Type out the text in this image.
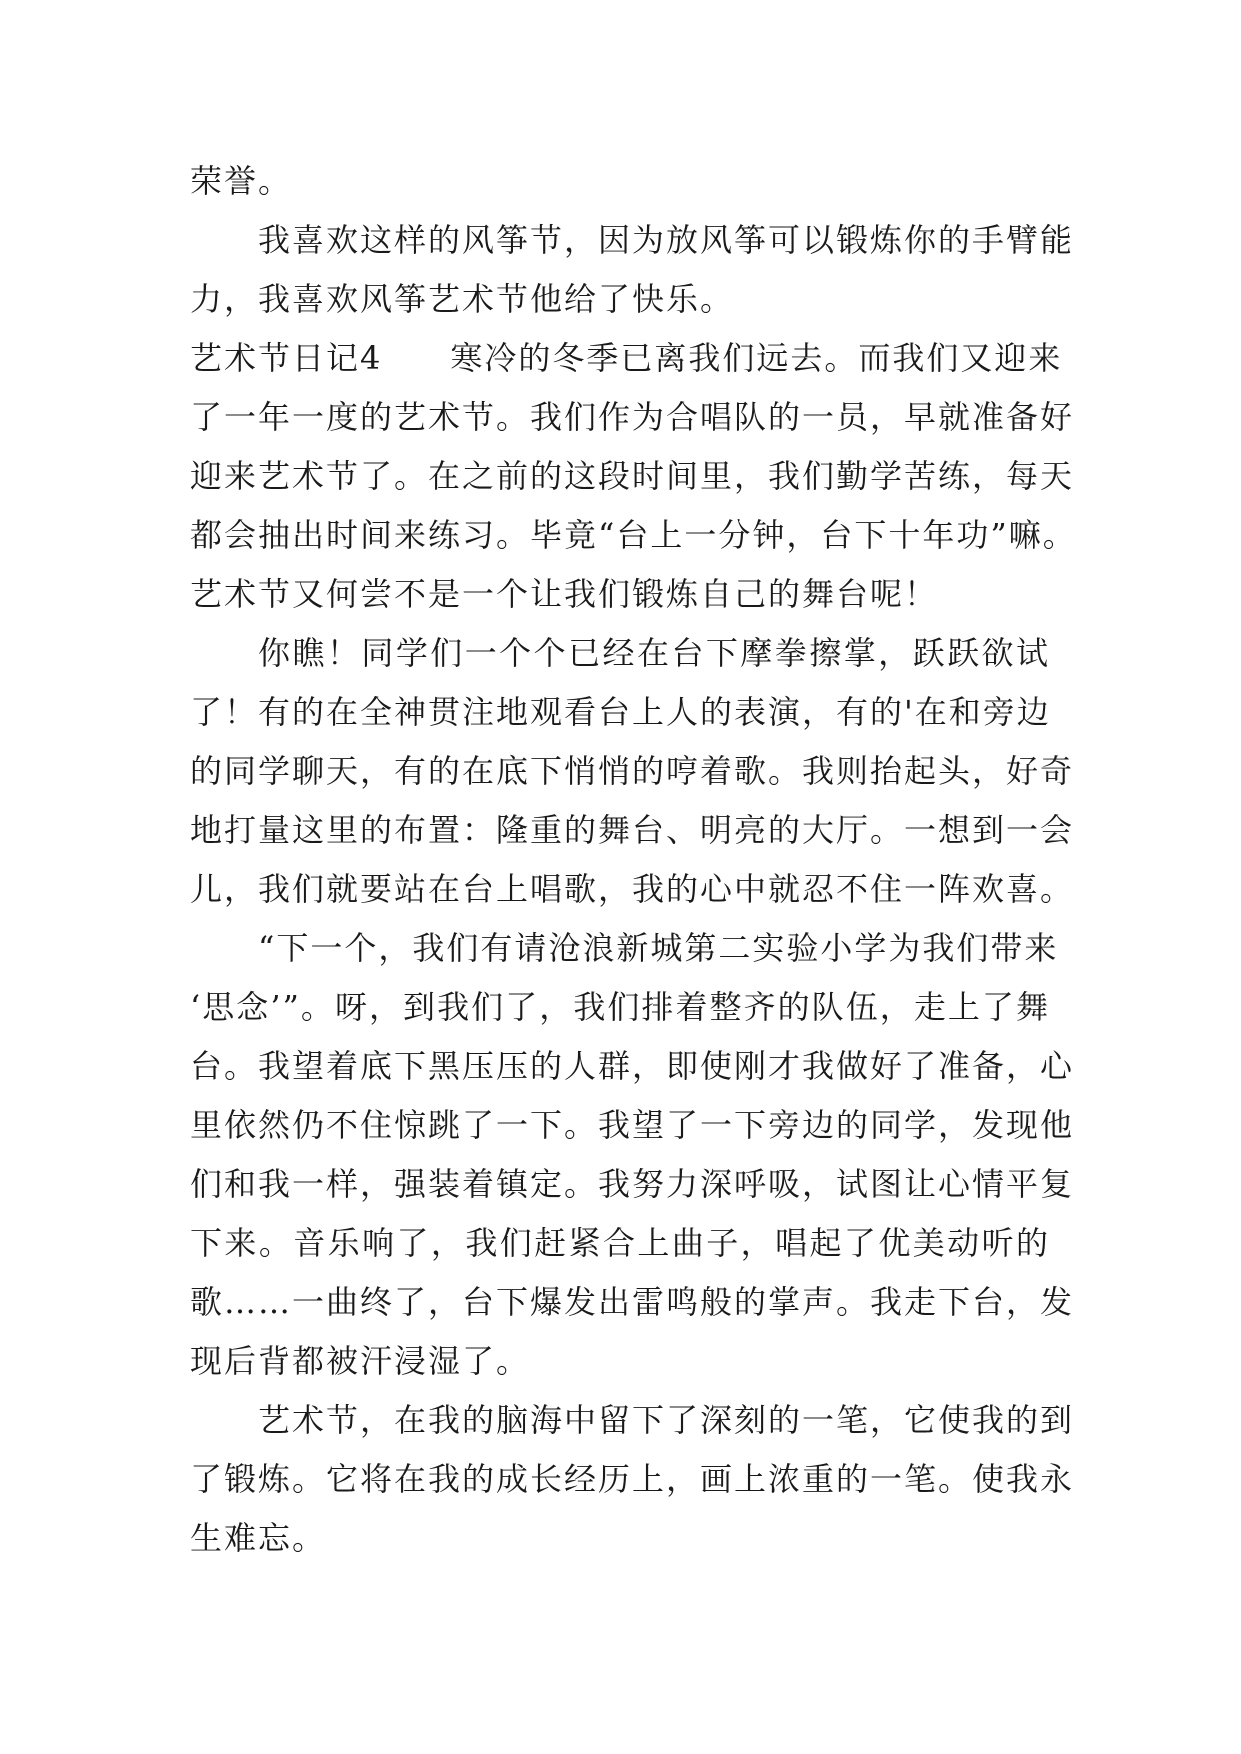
荣誉。
我喜欢这样的风筝节，因为放风筝可以锻炼你的手臂能
力，我喜欢风筝艺术节他给了快乐。
艺术节日记4　　寒冷的冬季已离我们远去。而我们又迎来
了一年一度的艺术节。我们作为合唱队的一员，早就准备好
迎来艺术节了。在之前的这段时间里，我们勤学苦练，每天
都会抽出时间来练习。毕竟“台上一分钟，台下十年功”嘛。
艺术节又何尝不是一个让我们锻炼自己的舞台呢！
你瞧！同学们一个个已经在台下摩拳擦掌，跃跃欲试
了！有的在全神贯注地观看台上人的表演，有的'在和旁边
的同学聊天，有的在底下悄悄的哼着歌。我则抬起头，好奇
地打量这里的布置：隆重的舞台、明亮的大厅。一想到一会
儿，我们就要站在台上唱歌，我的心中就忍不住一阵欢喜。
“下一个，我们有请沧浪新城第二实验小学为我们带来
‘思念’”。呀，到我们了，我们排着整齐的队伍，走上了舞
台。我望着底下黑压压的人群，即使刚才我做好了准备，心
里依然仍不住惊跳了一下。我望了一下旁边的同学，发现他
们和我一样，强装着镇定。我努力深呼吸，试图让心情平复
下来。音乐响了，我们赶紧合上曲子，唱起了优美动听的
歌……一曲终了，台下爆发出雷鸣般的掌声。我走下台，发
现后背都被汗浸湿了。
艺术节，在我的脑海中留下了深刻的一笔，它使我的到
了锻炼。它将在我的成长经历上，画上浓重的一笔。使我永
生难忘。
